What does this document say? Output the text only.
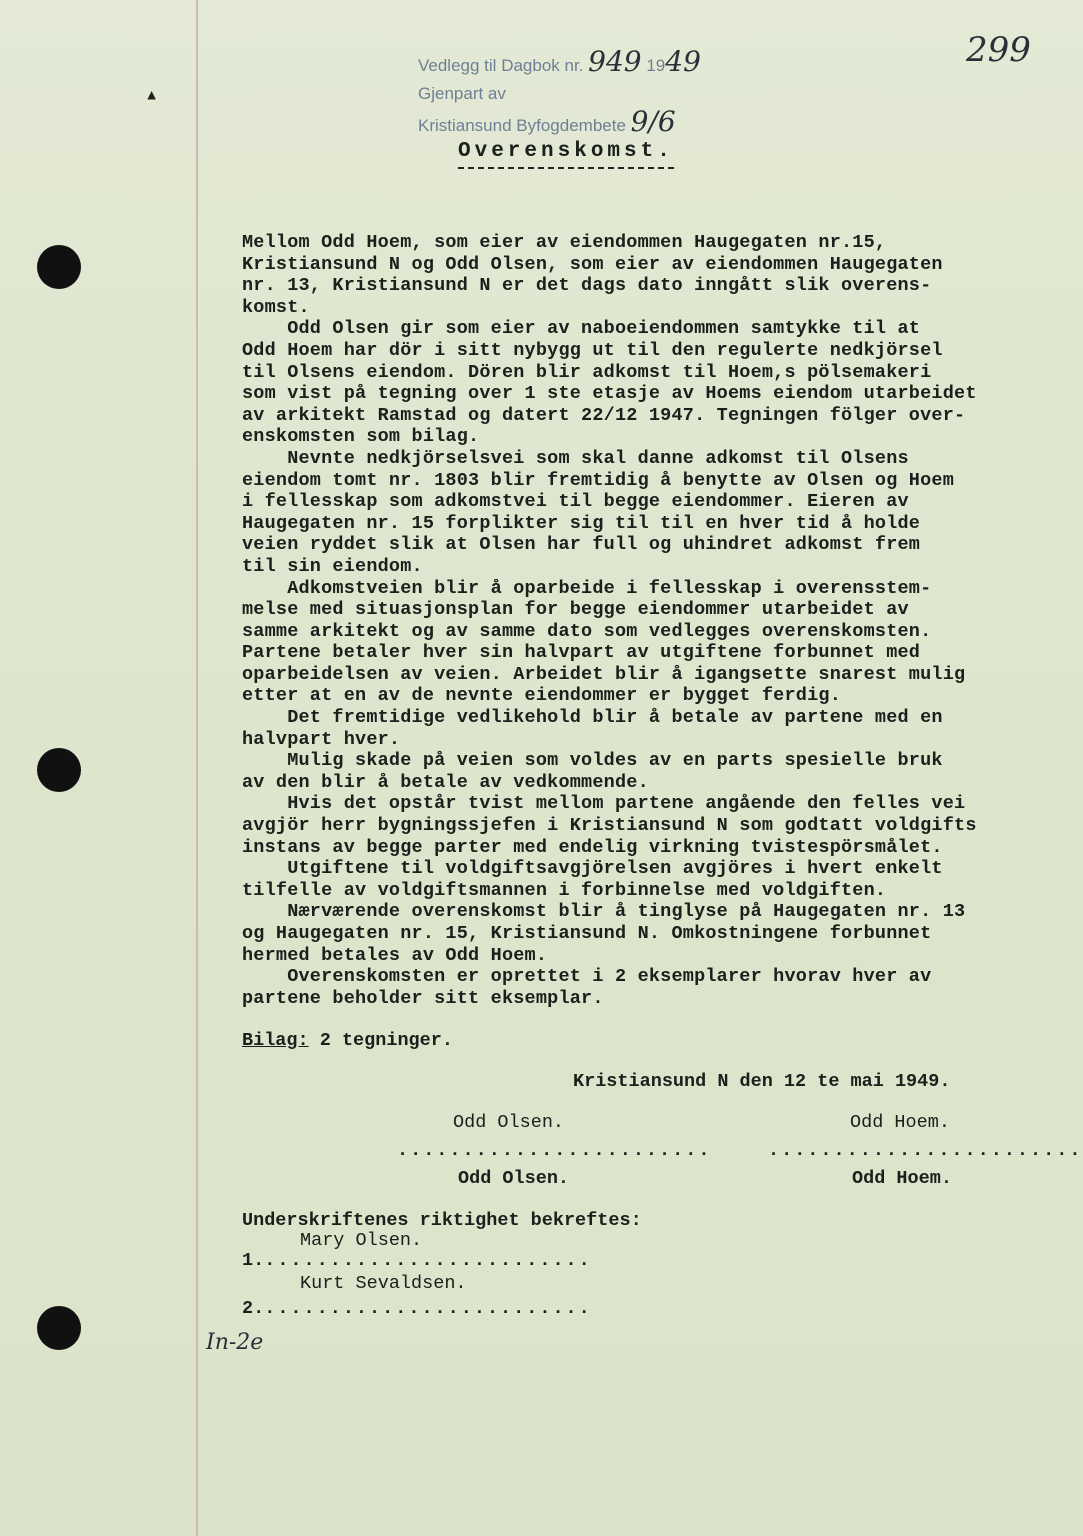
▴
Vedlegg til Dagbok nr. 949 1949
Gjenpart av
Kristiansund Byfogdembete 9/6
299
Overenskomst.
Mellom Odd Hoem, som eier av eiendommen Haugegaten nr.15,
Kristiansund N og Odd Olsen, som eier av eiendommen Haugegaten
nr. 13, Kristiansund N er det dags dato inngått slik overens-
komst.
Odd Olsen gir som eier av naboeiendommen samtykke til at
Odd Hoem har dör i sitt nybygg ut til den regulerte nedkjörsel
til Olsens eiendom. Dören blir adkomst til Hoem,s pölsemakeri
som vist på tegning over 1 ste etasje av Hoems eiendom utarbeidet
av arkitekt Ramstad og datert 22/12 1947. Tegningen fölger over-
enskomsten som bilag.
Nevnte nedkjörselsvei som skal danne adkomst til Olsens
eiendom tomt nr. 1803 blir fremtidig å benytte av Olsen og Hoem
i fellesskap som adkomstvei til begge eiendommer. Eieren av
Haugegaten nr. 15 forplikter sig til til en hver tid å holde
veien ryddet slik at Olsen har full og uhindret adkomst frem
til sin eiendom.
Adkomstveien blir å oparbeide i fellesskap i overensstem-
melse med situasjonsplan for begge eiendommer utarbeidet av
samme arkitekt og av samme dato som vedlegges overenskomsten.
Partene betaler hver sin halvpart av utgiftene forbunnet med
oparbeidelsen av veien. Arbeidet blir å igangsette snarest mulig
etter at en av de nevnte eiendommer er bygget ferdig.
Det fremtidige vedlikehold blir å betale av partene med en
halvpart hver.
Mulig skade på veien som voldes av en parts spesielle bruk
av den blir å betale av vedkommende.
Hvis det opstår tvist mellom partene angående den felles vei
avgjör herr bygningssjefen i Kristiansund N som godtatt voldgifts
instans av begge parter med endelig virkning tvistespörsmålet.
Utgiftene til voldgiftsavgjörelsen avgjöres i hvert enkelt
tilfelle av voldgiftsmannen i forbinnelse med voldgiften.
Nærværende overenskomst blir å tinglyse på Haugegaten nr. 13
og Haugegaten nr. 15, Kristiansund N. Omkostningene forbunnet
hermed betales av Odd Hoem.
Overenskomsten er oprettet i 2 eksemplarer hvorav hver av
partene beholder sitt eksemplar.
Bilag: 2 tegninger.
Kristiansund N den 12 te mai 1949.
Odd Olsen.	Odd Hoem.
........................	........................
Odd Olsen.	Odd Hoem.
Underskriftenes riktighet bekreftes:
Mary Olsen.
1..........................
Kurt Sevaldsen.
2..........................
In-2e
